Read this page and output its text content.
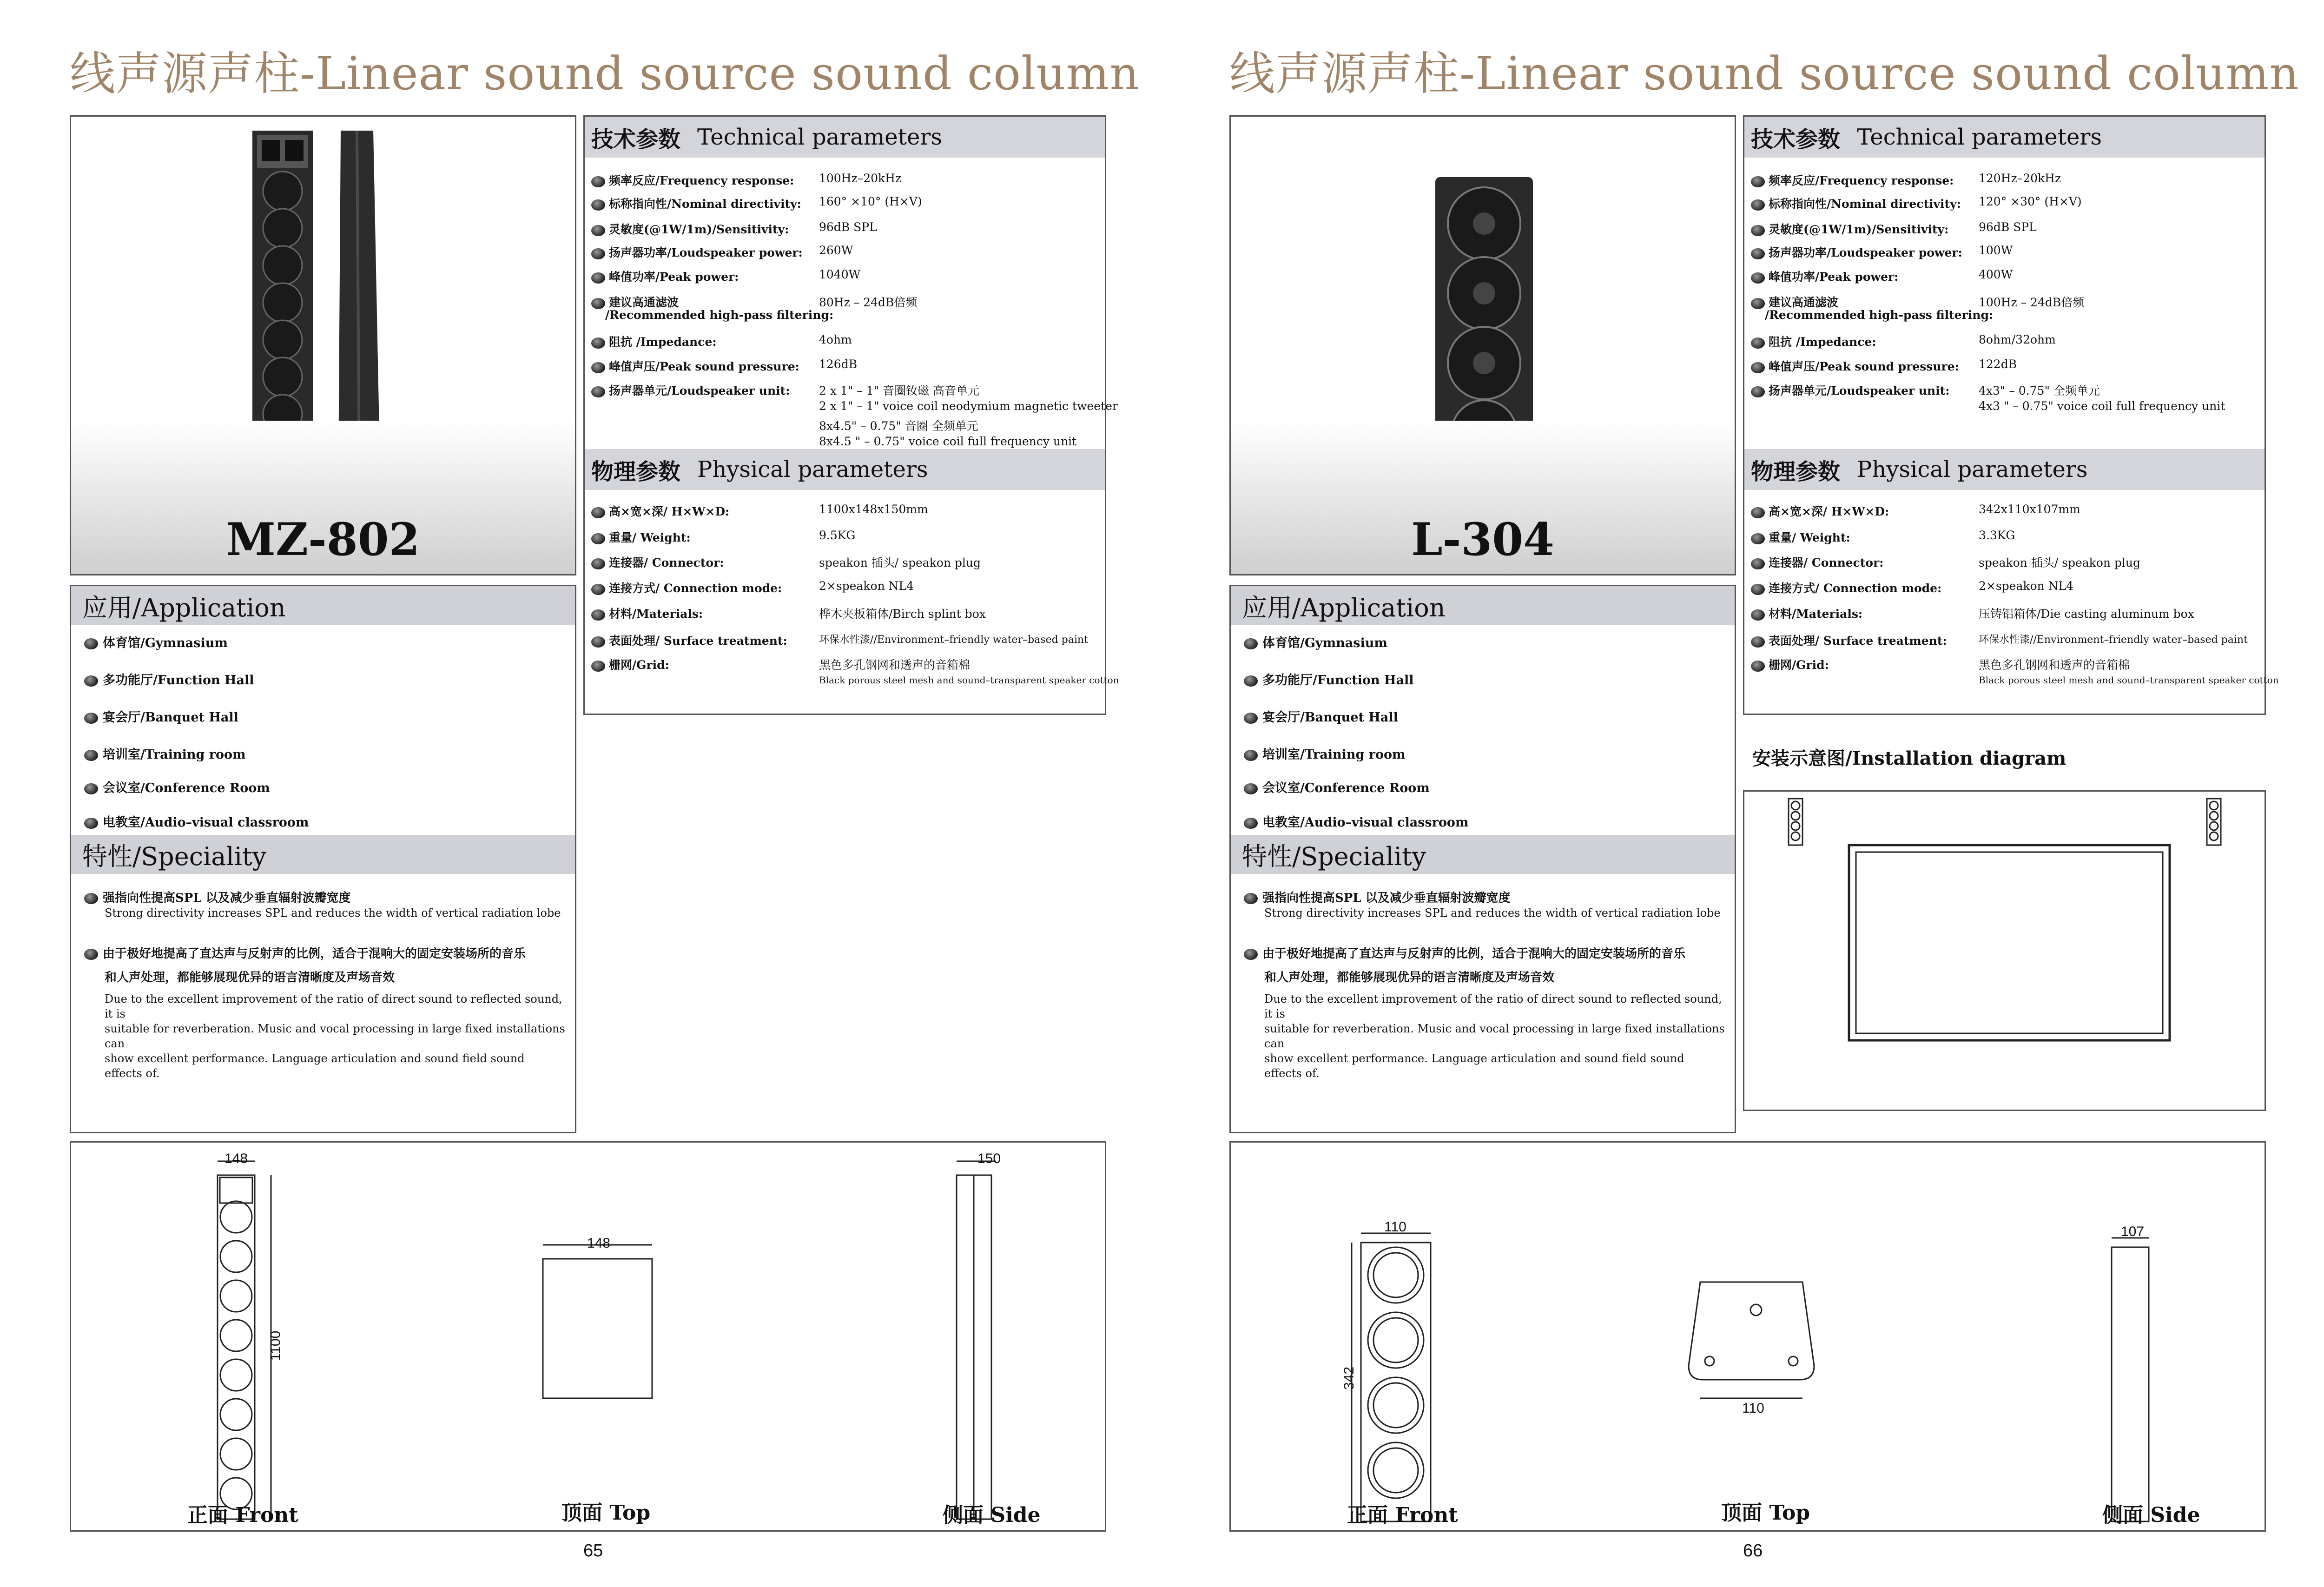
线声源声柱-Linear sound source sound column
MZ-802
技术参数 Technical parameters
频率反应/Frequency response: 100Hz–20kHz
标称指向性/Nominal directivity: 160° ×10° (H×V)
灵敏度(@1W/1m)/Sensitivity:	96dB SPL
扬声器功率/Loudspeaker power: 260W
峰值功率/Peak power:	1040W
建议高通滤波	80Hz – 24dB倍频
/Recommended high-pass filtering:
阻抗 /Impedance:	4ohm
峰值声压/Peak sound pressure: 126dB
扬声器单元/Loudspeaker unit:	2 x 1" – 1" 音圈钕磁 高音单元
2 x 1" – 1" voice coil neodymium magnetic tweeter
8x4.5" – 0.75" 音圈 全频单元
8x4.5 " – 0.75" voice coil full frequency unit
物理参数 Physical parameters
高×宽×深/ H×W×D:	1100x148x150mm
重量/ Weight:	9.5KG
连接器/ Connector:	speakon 插头/ speakon plug
连接方式/ Connection mode:	2×speakon NL4
材料/Materials:	桦木夹板箱体/Birch splint box
表面处理/ Surface treatment:	环保水性漆//Environment–friendly water–based paint
栅网/Grid:	黑色多孔钢网和透声的音箱棉
Black porous steel mesh and sound–transparent speaker cotton
应用/Application
体育馆/Gymnasium
多功能厅/Function Hall
宴会厅/Banquet Hall
培训室/Training room
会议室/Conference Room
电教室/Audio–visual classroom
特性/Speciality
强指向性提高SPL 以及减少垂直辐射波瓣宽度
Strong directivity increases SPL and reduces the width of vertical radiation lobe
由于极好地提高了直达声与反射声的比例，适合于混响大的固定安装场所的音乐
和人声处理，都能够展现优异的语言清晰度及声场音效
Due to the excellent improvement of the ratio of direct sound to reflected sound, it is
suitable for reverberation. Music and vocal processing in large fixed installations can
show excellent performance. Language articulation and sound field sound effects of.
148
1100
148
150
正面 Front	顶面 Top	侧面 Side
65
线声源声柱-Linear sound source sound column
L-304
技术参数 Technical parameters
频率反应/Frequency response: 120Hz–20kHz
标称指向性/Nominal directivity: 120° ×30° (H×V)
灵敏度(@1W/1m)/Sensitivity:	96dB SPL
扬声器功率/Loudspeaker power: 100W
峰值功率/Peak power:	400W
建议高通滤波	100Hz – 24dB倍频
/Recommended high-pass filtering:
阻抗 /Impedance:	8ohm/32ohm
峰值声压/Peak sound pressure: 122dB
扬声器单元/Loudspeaker unit:	4x3" – 0.75" 全频单元
4x3 " – 0.75" voice coil full frequency unit
物理参数 Physical parameters
高×宽×深/ H×W×D:	342x110x107mm
重量/ Weight:	3.3KG
连接器/ Connector:	speakon 插头/ speakon plug
连接方式/ Connection mode:	2×speakon NL4
材料/Materials:	压铸铝箱体/Die casting aluminum box
表面处理/ Surface treatment:	环保水性漆//Environment–friendly water–based paint
栅网/Grid:	黑色多孔钢网和透声的音箱棉
Black porous steel mesh and sound–transparent speaker cotton
安装示意图/Installation diagram
应用/Application
体育馆/Gymnasium
多功能厅/Function Hall
宴会厅/Banquet Hall
培训室/Training room
会议室/Conference Room
电教室/Audio–visual classroom
特性/Speciality
强指向性提高SPL 以及减少垂直辐射波瓣宽度
Strong directivity increases SPL and reduces the width of vertical radiation lobe
由于极好地提高了直达声与反射声的比例，适合于混响大的固定安装场所的音乐
和人声处理，都能够展现优异的语言清晰度及声场音效
Due to the excellent improvement of the ratio of direct sound to reflected sound, it is
suitable for reverberation. Music and vocal processing in large fixed installations can
show excellent performance. Language articulation and sound field sound effects of.
110
342
110
107
正面 Front	顶面 Top	侧面 Side
66
